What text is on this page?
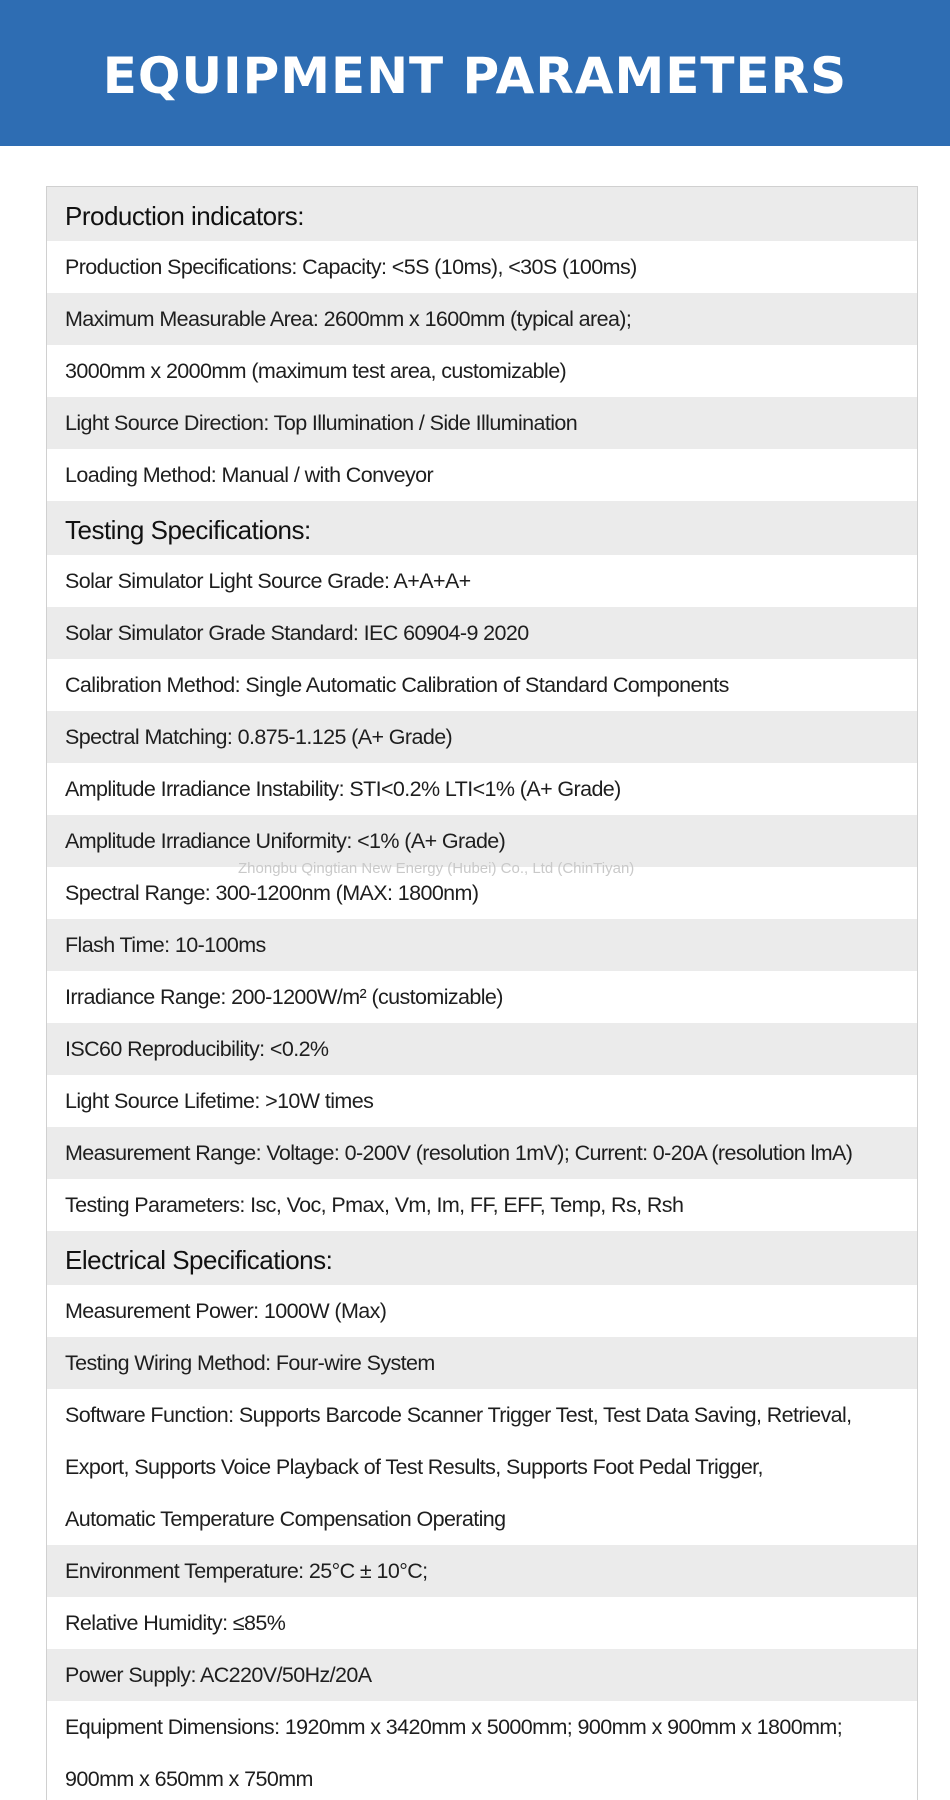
EQUIPMENT PARAMETERS
Production indicators:
Production Specifications: Capacity: <5S (10ms), <30S (100ms)
Maximum Measurable Area: 2600mm x 1600mm (typical area);
3000mm x 2000mm (maximum test area, customizable)
Light Source Direction: Top Illumination / Side Illumination
Loading Method: Manual / with Conveyor
Testing Specifications:
Solar Simulator Light Source Grade: A+A+A+
Solar Simulator Grade Standard: IEC 60904-9 2020
Calibration Method: Single Automatic Calibration of Standard Components
Spectral Matching: 0.875-1.125 (A+ Grade)
Amplitude Irradiance Instability: STI<0.2% LTI<1% (A+ Grade)
Amplitude Irradiance Uniformity: <1% (A+ Grade)
Spectral Range: 300-1200nm (MAX: 1800nm)
Flash Time: 10-100ms
Irradiance Range: 200-1200W/m² (customizable)
ISC60 Reproducibility: <0.2%
Light Source Lifetime: >10W times
Measurement Range: Voltage: 0-200V (resolution 1mV); Current: 0-20A (resolution lmA)
Testing Parameters: Isc, Voc, Pmax, Vm, Im, FF, EFF, Temp, Rs, Rsh
Electrical Specifications:
Measurement Power: 1000W (Max)
Testing Wiring Method: Four-wire System
Software Function: Supports Barcode Scanner Trigger Test, Test Data Saving, Retrieval,
Export, Supports Voice Playback of Test Results, Supports Foot Pedal Trigger,
Automatic Temperature Compensation Operating
Environment Temperature: 25°C ± 10°C;
Relative Humidity: ≤85%
Power Supply: AC220V/50Hz/20A
Equipment Dimensions: 1920mm x 3420mm x 5000mm; 900mm x 900mm x 1800mm;
900mm x 650mm x 750mm
Zhongbu Qingtian New Energy (Hubei) Co., Ltd (ChinTiyan)
